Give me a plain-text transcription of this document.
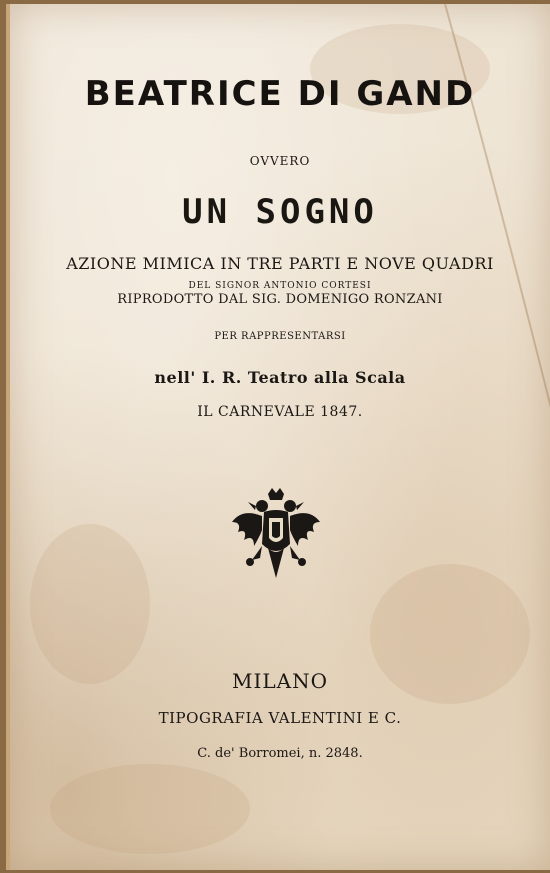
BEATRICE DI GAND
OVVERO
UN SOGNO
AZIONE MIMICA IN TRE PARTI E NOVE QUADRI
DEL SIGNOR ANTONIO CORTESI
RIPRODOTTO DAL SIG. DOMENIGO RONZANI
PER RAPPRESENTARSI
nell' I. R. Teatro alla Scala
IL CARNEVALE 1847.
MILANO
TIPOGRAFIA VALENTINI E C.
C. de' Borromei, n. 2848.
